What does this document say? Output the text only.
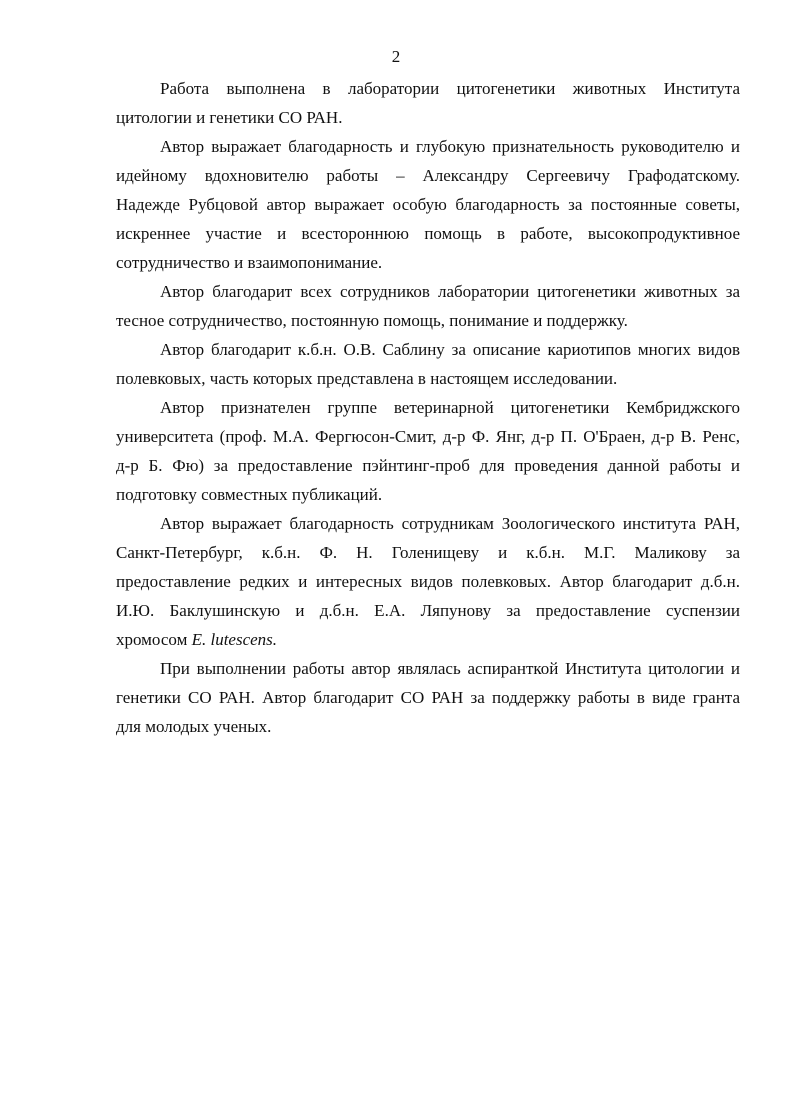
2

Работа выполнена в лаборатории цитогенетики животных Института
цитологии и генетики СО РАН.

Автор выражает благодарность и глубокую признательность руководителю и
идейному вдохновителю работы – Александру Сергеевичу Графодатскому.
Надежде Рубцовой автор выражает особую благодарность за постоянные советы,
искреннее участие и всестороннюю помощь в работе, высокопродуктивное
сотрудничество и взаимопонимание.

Автор благодарит всех сотрудников лаборатории цитогенетики животных за
тесное сотрудничество, постоянную помощь, понимание и поддержку.

Автор благодарит к.б.н. О.В. Саблину за описание кариотипов многих видов
полевковых, часть которых представлена в настоящем исследовании.

Автор признателен группе ветеринарной цитогенетики Кембриджского
университета (проф. М.А. Фергюсон-Смит, д-р Ф. Янг, д-р П. О'Браен, д-р В. Ренс,
д-р Б. Фю) за предоставление пэйнтинг-проб для проведения данной работы и
подготовку совместных публикаций.

Автор выражает благодарность сотрудникам Зоологического института РАН,
Санкт-Петербург, к.б.н. Ф. Н. Голенищеву и к.б.н. М.Г. Маликову за
предоставление редких и интересных видов полевковых. Автор благодарит д.б.н.
И.Ю. Баклушинскую и д.б.н. Е.А. Ляпунову за предоставление суспензии
хромосом E. lutescens.

При выполнении работы автор являлась аспиранткой Института цитологии и
генетики СО РАН. Автор благодарит СО РАН за поддержку работы в виде гранта
для молодых ученых.
